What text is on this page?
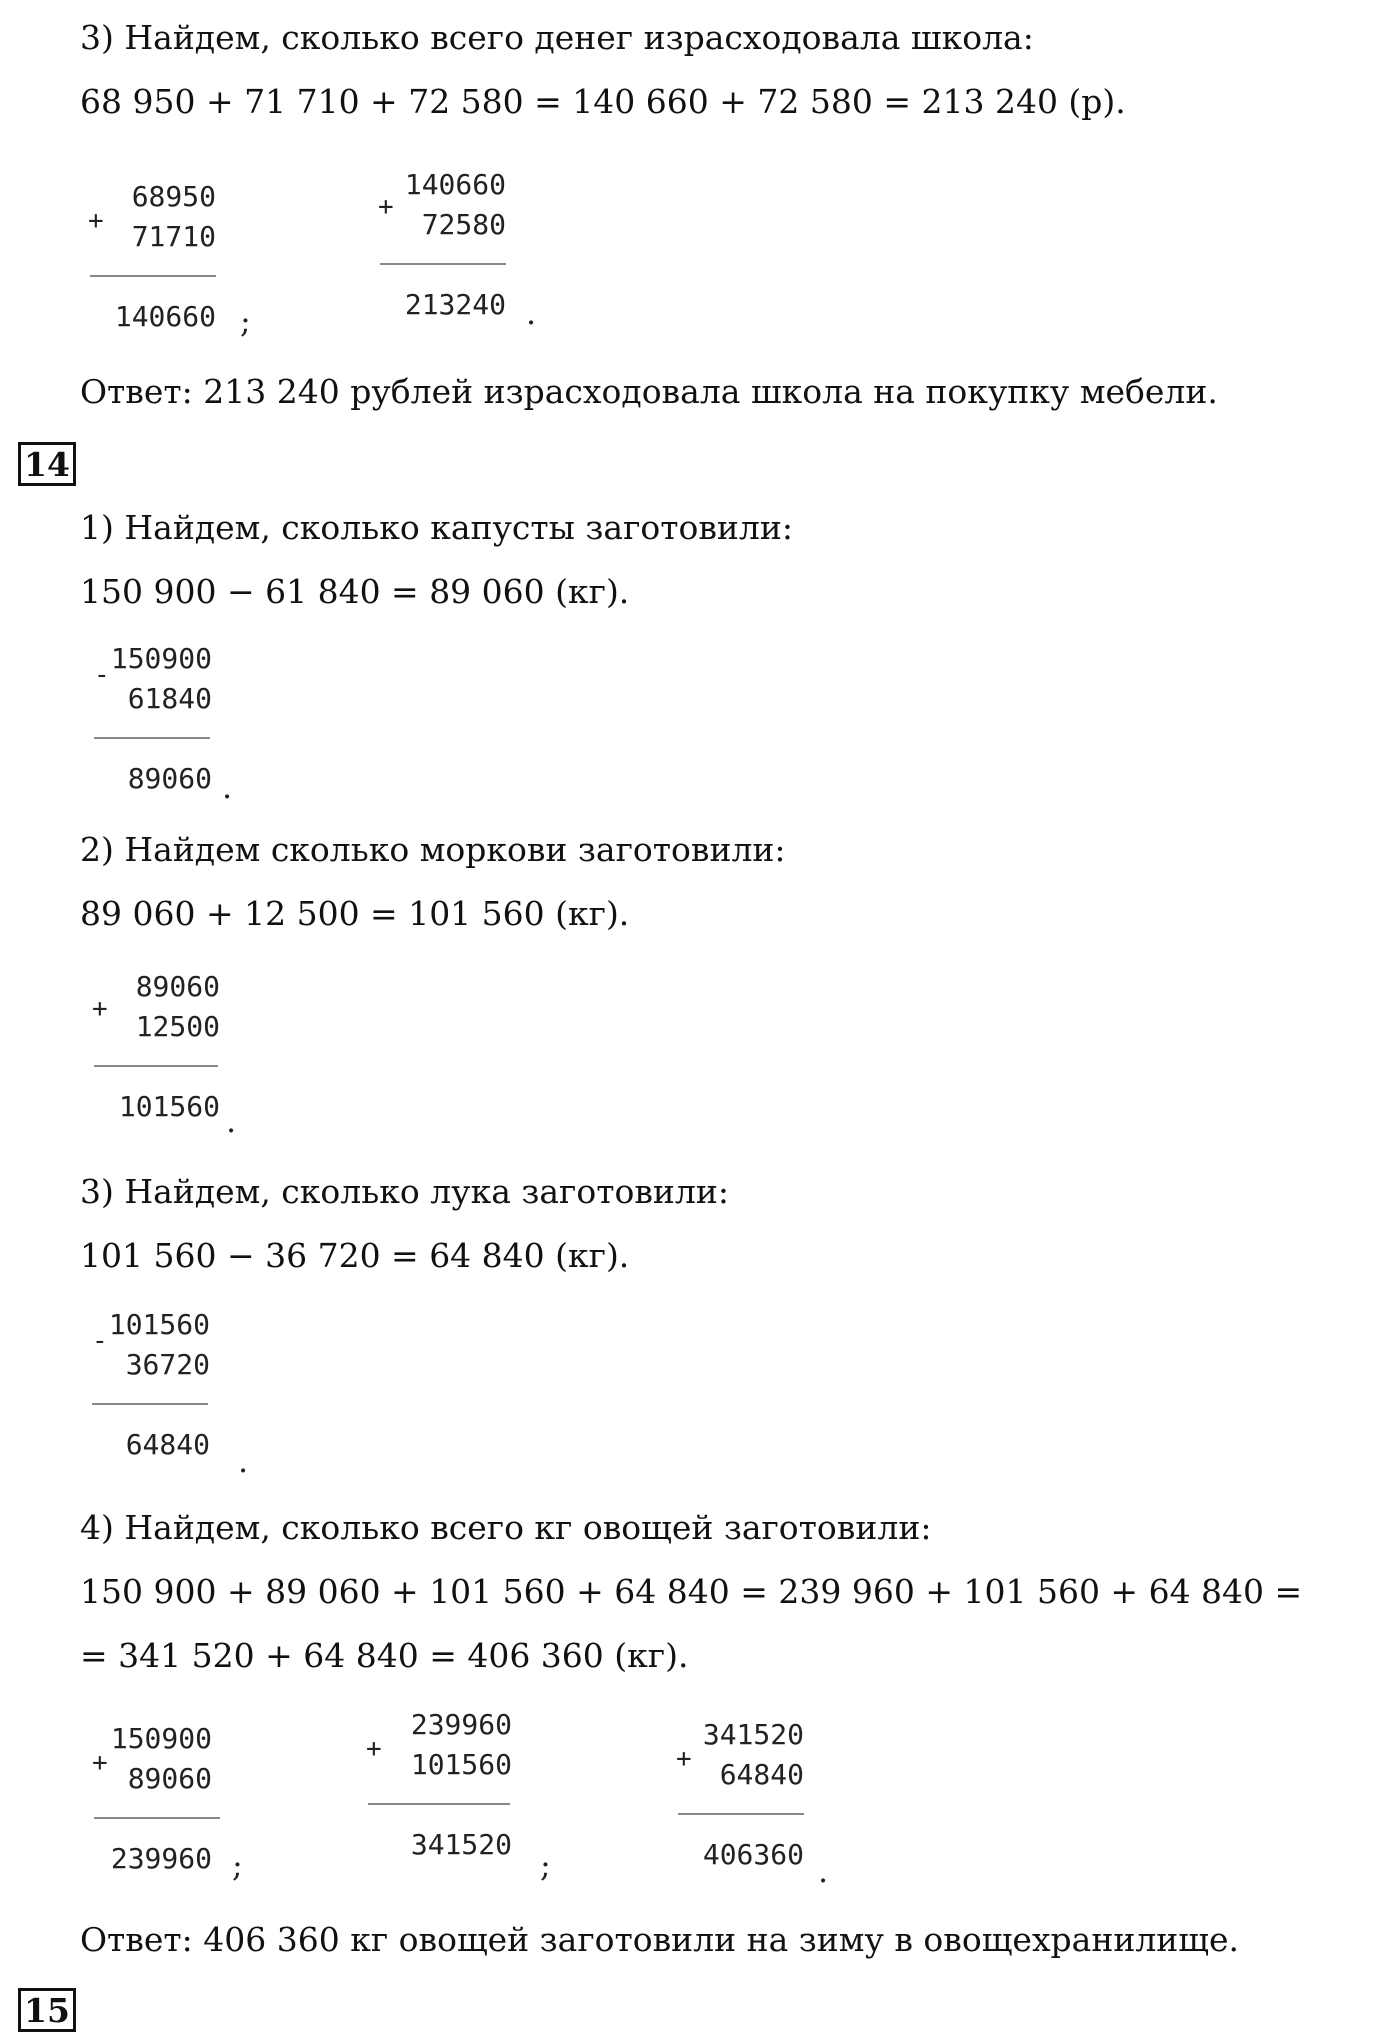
3) Найдем, сколько всего денег израсходовала школа:
68 950 + 71 710 + 72 580 = 140 660 + 72 580 = 213 240 (р).
+
68950
71710
140660 ;
+
140660
72580
213240 .
Ответ: 213 240 рублей израсходовала школа на покупку мебели.
14
1) Найдем, сколько капусты заготовили:
150 900 − 61 840 = 89 060 (кг).
- 150900
61840
89060 .
2) Найдем сколько моркови заготовили:
89 060 + 12 500 = 101 560 (кг).
+
89060
12500
101560 .
3) Найдем, сколько лука заготовили:
101 560 − 36 720 = 64 840 (кг).
- 101560
36720
64840 .
4) Найдем, сколько всего кг овощей заготовили:
150 900 + 89 060 + 101 560 + 64 840 = 239 960 + 101 560 + 64 840 =
= 341 520 + 64 840 = 406 360 (кг).
+
150900
89060
239960 ;
+
239960
101560
341520
;
+
341520
64840
406360 .
Ответ: 406 360 кг овощей заготовили на зиму в овощехранилище.
15
